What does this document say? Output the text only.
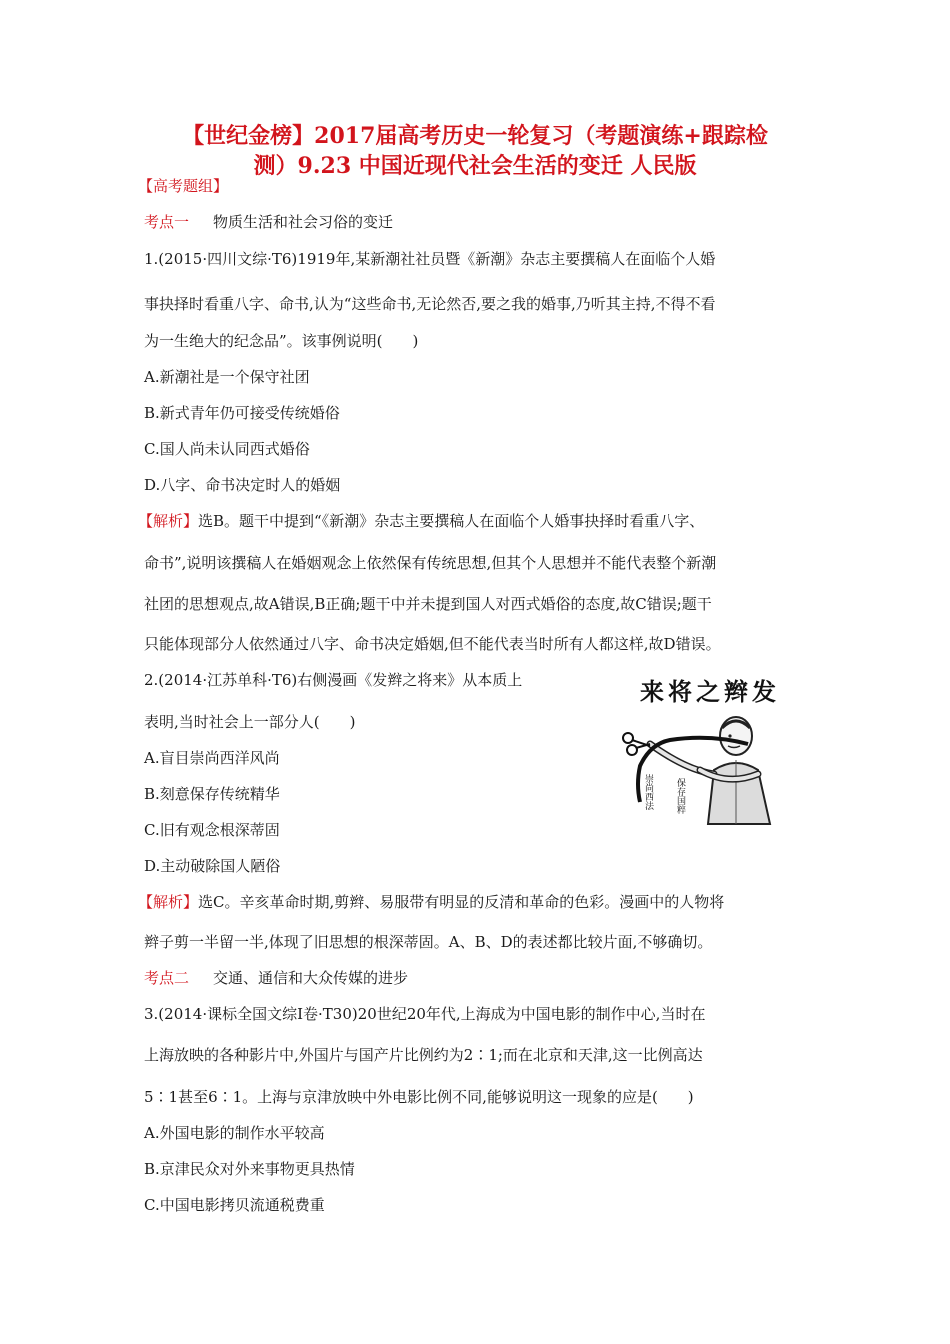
【世纪金榜】2017届高考历史一轮复习（考题演练+跟踪检
测）9.23 中国近现代社会生活的变迁 人民版
【高考题组】
考点一 物质生活和社会习俗的变迁
1.(2015·四川文综·T6)1919年,某新潮社社员暨《新潮》杂志主要撰稿人在面临个人婚
事抉择时看重八字、命书,认为“这些命书,无论然否,要之我的婚事,乃听其主持,不得不看
为一生绝大的纪念品”。该事例说明(　　)
A.新潮社是一个保守社团
B.新式青年仍可接受传统婚俗
C.国人尚未认同西式婚俗
D.八字、命书决定时人的婚姻
【解析】选B。题干中提到“《新潮》杂志主要撰稿人在面临个人婚事抉择时看重八字、
命书”,说明该撰稿人在婚姻观念上依然保有传统思想,但其个人思想并不能代表整个新潮
社团的思想观点,故A错误,B正确;题干中并未提到国人对西式婚俗的态度,故C错误;题干
只能体现部分人依然通过八字、命书决定婚姻,但不能代表当时所有人都这样,故D错误。
2.(2014·江苏单科·T6)右侧漫画《发辫之将来》从本质上
表明,当时社会上一部分人(　　)
A.盲目崇尚西洋风尚
B.刻意保存传统精华
C.旧有观念根深蒂固
D.主动破除国人陋俗
来将之辫发
崇尚西法 保存国粹
【解析】选C。辛亥革命时期,剪辫、易服带有明显的反清和革命的色彩。漫画中的人物将
辫子剪一半留一半,体现了旧思想的根深蒂固。A、B、D的表述都比较片面,不够确切。
考点二 交通、通信和大众传媒的进步
3.(2014·课标全国文综Ⅰ卷·T30)20世纪20年代,上海成为中国电影的制作中心,当时在
上海放映的各种影片中,外国片与国产片比例约为2∶1;而在北京和天津,这一比例高达
5∶1甚至6∶1。上海与京津放映中外电影比例不同,能够说明这一现象的应是(　　)
A.外国电影的制作水平较高
B.京津民众对外来事物更具热情
C.中国电影拷贝流通税费重
